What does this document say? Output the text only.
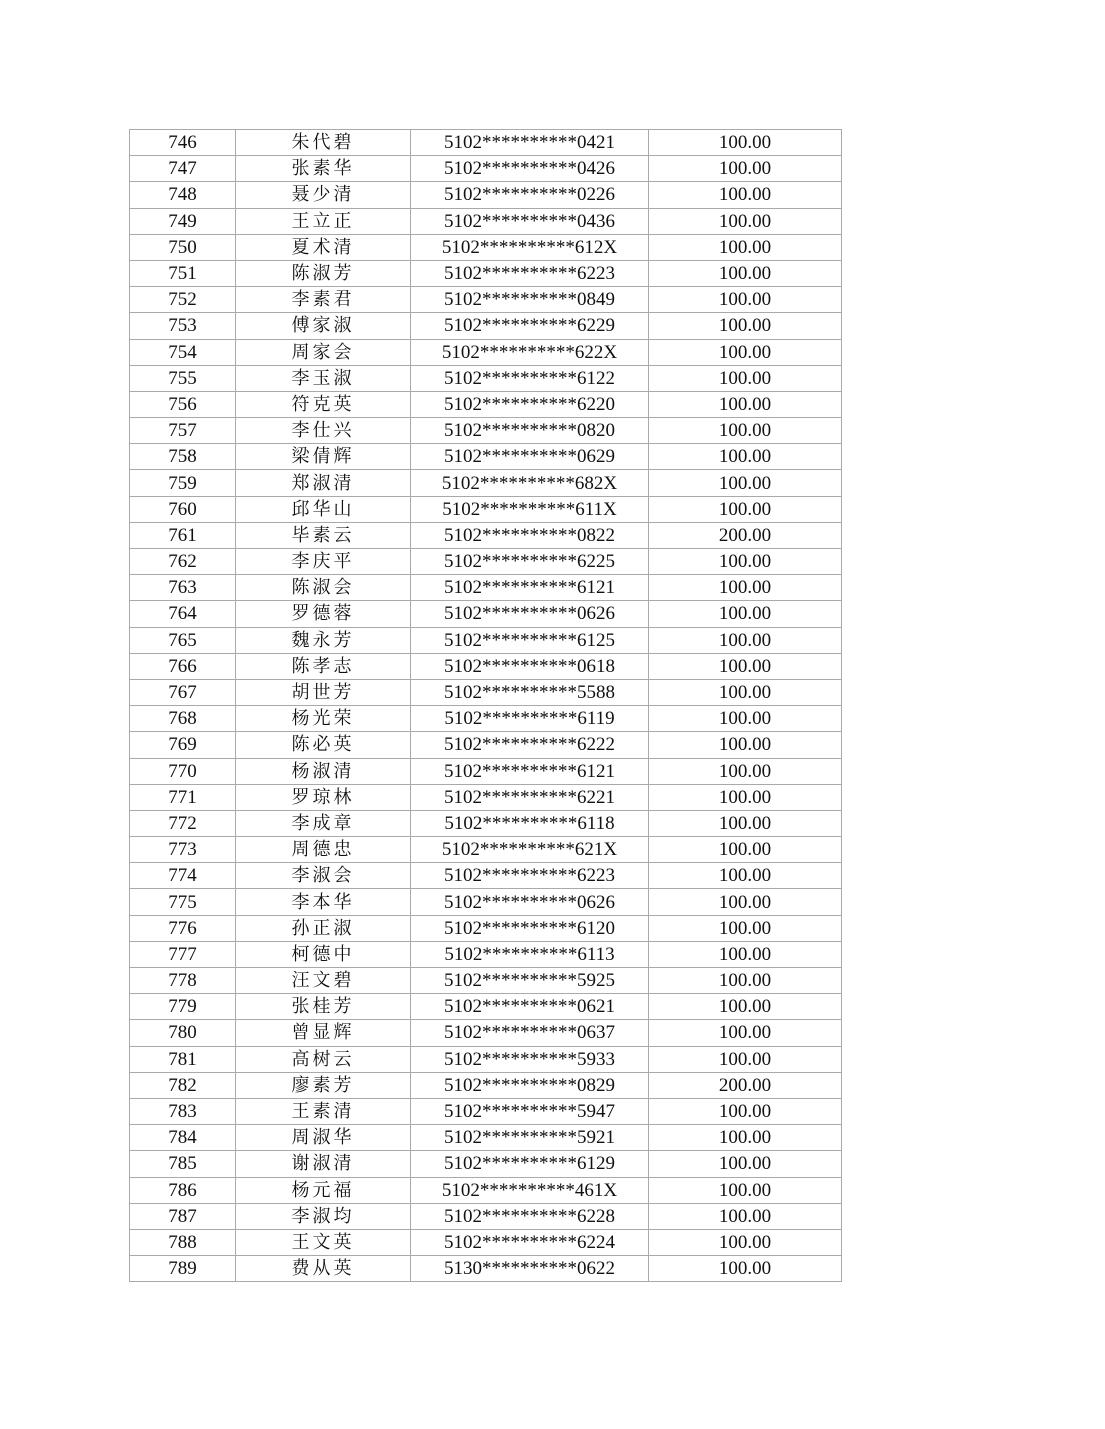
746	朱代碧	5102**********0421	100.00
747	张素华	5102**********0426	100.00
748	聂少清	5102**********0226	100.00
749	王立正	5102**********0436	100.00
750	夏术清	5102**********612X	100.00
751	陈淑芳	5102**********6223	100.00
752	李素君	5102**********0849	100.00
753	傅家淑	5102**********6229	100.00
754	周家会	5102**********622X	100.00
755	李玉淑	5102**********6122	100.00
756	符克英	5102**********6220	100.00
757	李仕兴	5102**********0820	100.00
758	梁倩辉	5102**********0629	100.00
759	郑淑清	5102**********682X	100.00
760	邱华山	5102**********611X	100.00
761	毕素云	5102**********0822	200.00
762	李庆平	5102**********6225	100.00
763	陈淑会	5102**********6121	100.00
764	罗德蓉	5102**********0626	100.00
765	魏永芳	5102**********6125	100.00
766	陈孝志	5102**********0618	100.00
767	胡世芳	5102**********5588	100.00
768	杨光荣	5102**********6119	100.00
769	陈必英	5102**********6222	100.00
770	杨淑清	5102**********6121	100.00
771	罗琼林	5102**********6221	100.00
772	李成章	5102**********6118	100.00
773	周德忠	5102**********621X	100.00
774	李淑会	5102**********6223	100.00
775	李本华	5102**********0626	100.00
776	孙正淑	5102**********6120	100.00
777	柯德中	5102**********6113	100.00
778	汪文碧	5102**********5925	100.00
779	张桂芳	5102**********0621	100.00
780	曾显辉	5102**********0637	100.00
781	高树云	5102**********5933	100.00
782	廖素芳	5102**********0829	200.00
783	王素清	5102**********5947	100.00
784	周淑华	5102**********5921	100.00
785	谢淑清	5102**********6129	100.00
786	杨元福	5102**********461X	100.00
787	李淑均	5102**********6228	100.00
788	王文英	5102**********6224	100.00
789	费从英	5130**********0622	100.00
